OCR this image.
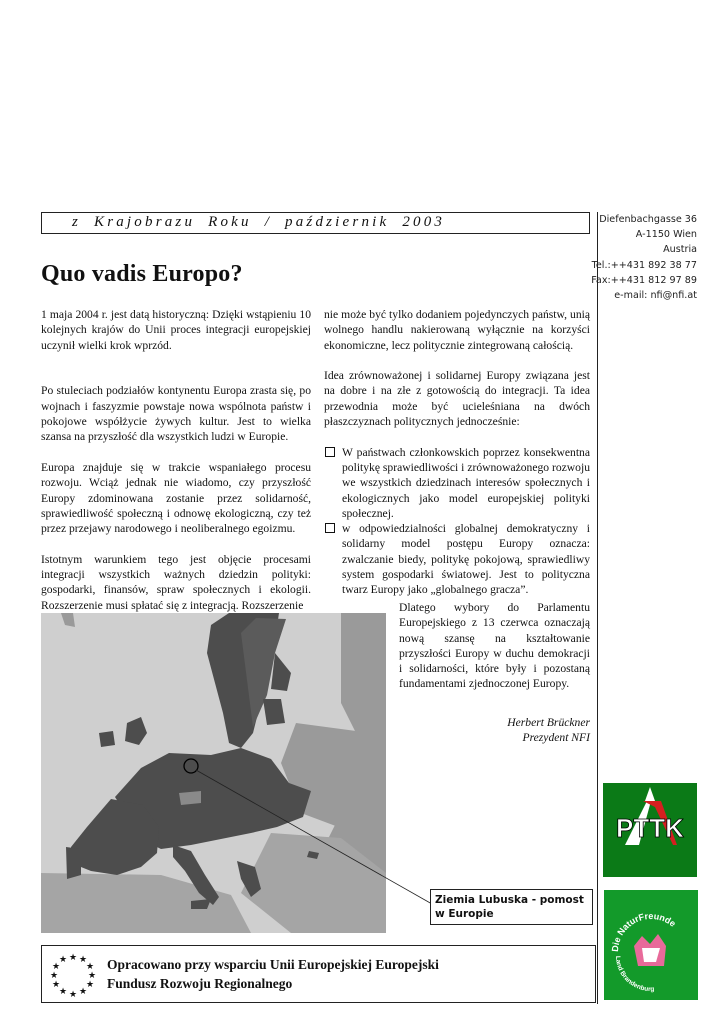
z Krajobrazu Roku / październik 2003	Diefenbachgasse 36
A-1150 Wien
Austria
Tel.:++431 892 38 77
Fax:++431 812 97 89
e-mail: nfi@nfi.at
Quo vadis Europo?

1 maja 2004 r. jest datą historyczną: Dzięki wstąpieniu 10 kolejnych krajów do Unii proces integracji europejskiej uczynił wielki krok wprzód.

Po stuleciach podziałów kontynentu Europa zrasta się, po wojnach i faszyzmie powstaje nowa wspólnota państw i pokojowe współżycie żywych kultur. Jest to wielka szansa na przyszłość dla wszystkich ludzi w Europie.

Europa znajduje się w trakcie wspaniałego procesu rozwoju. Wciąż jednak nie wiadomo, czy przyszłość Europy zdominowana zostanie przez solidarność, sprawiedliwość społeczną i odnowę ekologiczną, czy też przez przejawy narodowego i neoliberalnego egoizmu.

Istotnym warunkiem tego jest objęcie procesami integracji wszystkich ważnych dziedzin polityki: gospodarki, finansów, spraw społecznych i ekologii. Rozszerzenie musi spłatać się z integracją. Rozszerzenie

nie może być tylko dodaniem pojedynczych państw, unią wolnego handlu nakierowaną wyłącznie na korzyści ekonomiczne, lecz politycznie zintegrowaną całością.

Idea zrównoważonej i solidarnej Europy związana jest na dobre i na złe z gotowością do integracji. Ta idea przewodnia może być ucieleśniana na dwóch płaszczyznach politycznych jednocześnie:

W państwach członkowskich poprzez konsekwentna politykę sprawiedliwości i zrównoważonego rozwoju we wszystkich dziedzinach interesów społecznych i ekologicznych jako model europejskiej polityki społecznej.
w odpowiedzialności globalnej demokratyczny i solidarny model postępu Europy oznacza: zwalczanie biedy, politykę pokojową, sprawiedliwy system gospodarki światowej. Jest to polityczna twarz Europy jako „globalnego gracza”.
Dlatego wybory do Parlamentu Europejskiego z 13 czerwca oznaczają nową szansę na kształtowanie przyszłości Europy w duchu demokracji i solidarności, które były i pozostaną fundamentami zjednoczonej Europy.
Herbert Brückner
Prezydent NFI
Ziemia Lubuska - pomost w Europie
PTTK
Die NaturFreunde
Land Brandenburg
★ ★
★
★
★
★
★
★
★
★
★
★	Opracowano przy wsparciu Unii Europejskiej Europejski
Fundusz Rozwoju Regionalnego
